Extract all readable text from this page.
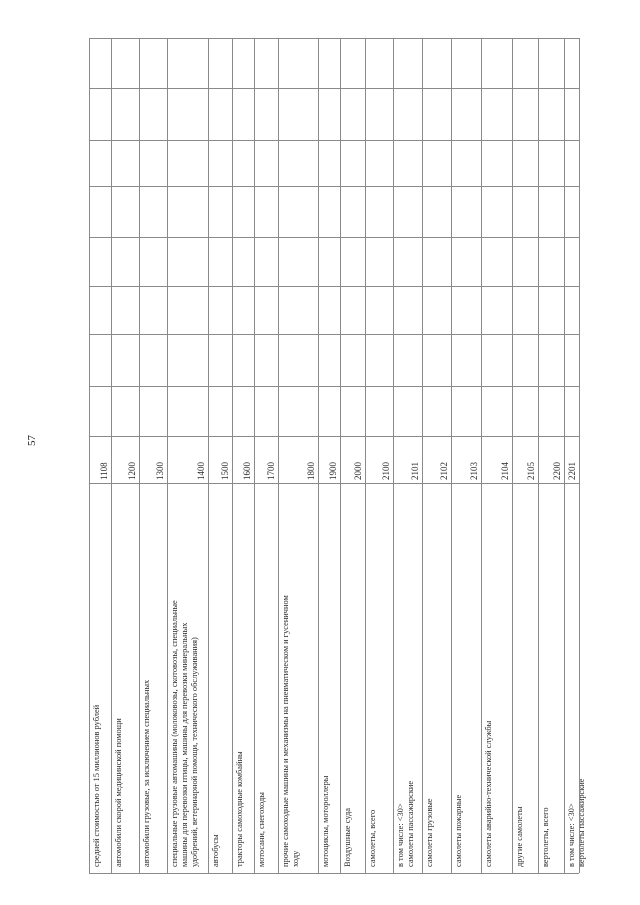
57
средней стоимостью от 15 миллионов рублей
1108
автомобили скорой медицинской помощи
1200
автомобили грузовые, за исключением специальных
1300
специальные грузовые автомашины (молоковозы, скотовозы, специальные
машины для перевозки птицы, машины для перевозки минеральных
удобрений, ветеринарной помощи, технического обслуживания)
1400
автобусы
1500
тракторы самоходные комбайны
1600
мотосани, снегоходы
1700
прочие самоходные машины и механизмы на пневматическом и гусеничном
ходу
1800
мотоциклы, мотороллеры
1900
Воздушные суда
2000
самолеты, всего
2100
в том числе: <30>
самолеты пассажирские
2101
самолеты грузовые
2102
самолеты пожарные
2103
самолеты аварийно-технической службы
2104
другие самолеты
2105
вертолеты, всего
2200
в том числе: <30>
вертолеты пассажирские
2201
